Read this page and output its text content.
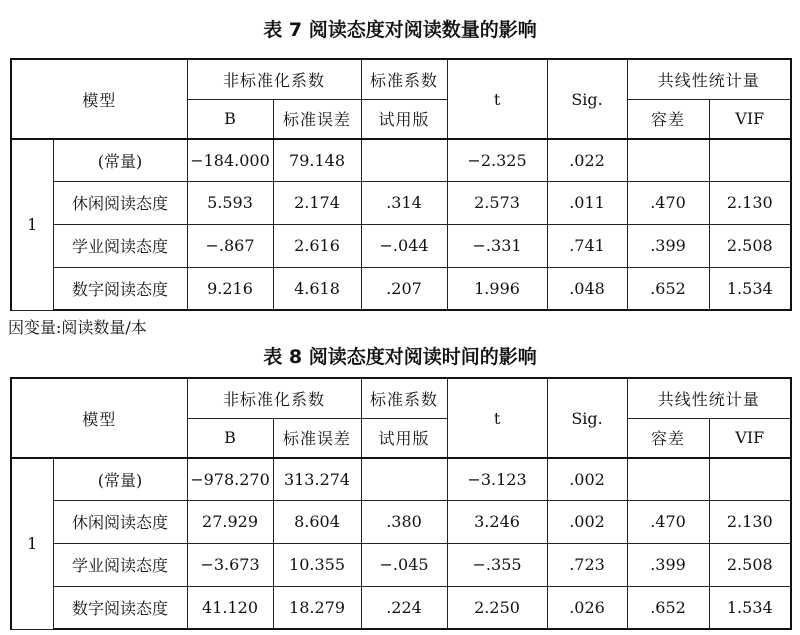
表 7 阅读态度对阅读数量的影响
模型		非标准化系数		标准系数	t	Sig.	共线性统计量	
		B	标准误差	试用版			容差	VIF
1	(常量)	−184.000	79.148		−2.325	.022		
	休闲阅读态度	5.593	2.174	.314	2.573	.011	.470	2.130
	学业阅读态度	−.867	2.616	−.044	−.331	.741	.399	2.508
	数字阅读态度	9.216	4.618	.207	1.996	.048	.652	1.534
因变量:阅读数量/本
表 8 阅读态度对阅读时间的影响
模型		非标准化系数		标准系数	t	Sig.	共线性统计量	
		B	标准误差	试用版			容差	VIF
1	(常量)	−978.270	313.274		−3.123	.002		
	休闲阅读态度	27.929	8.604	.380	3.246	.002	.470	2.130
	学业阅读态度	−3.673	10.355	−.045	−.355	.723	.399	2.508
	数字阅读态度	41.120	18.279	.224	2.250	.026	.652	1.534
